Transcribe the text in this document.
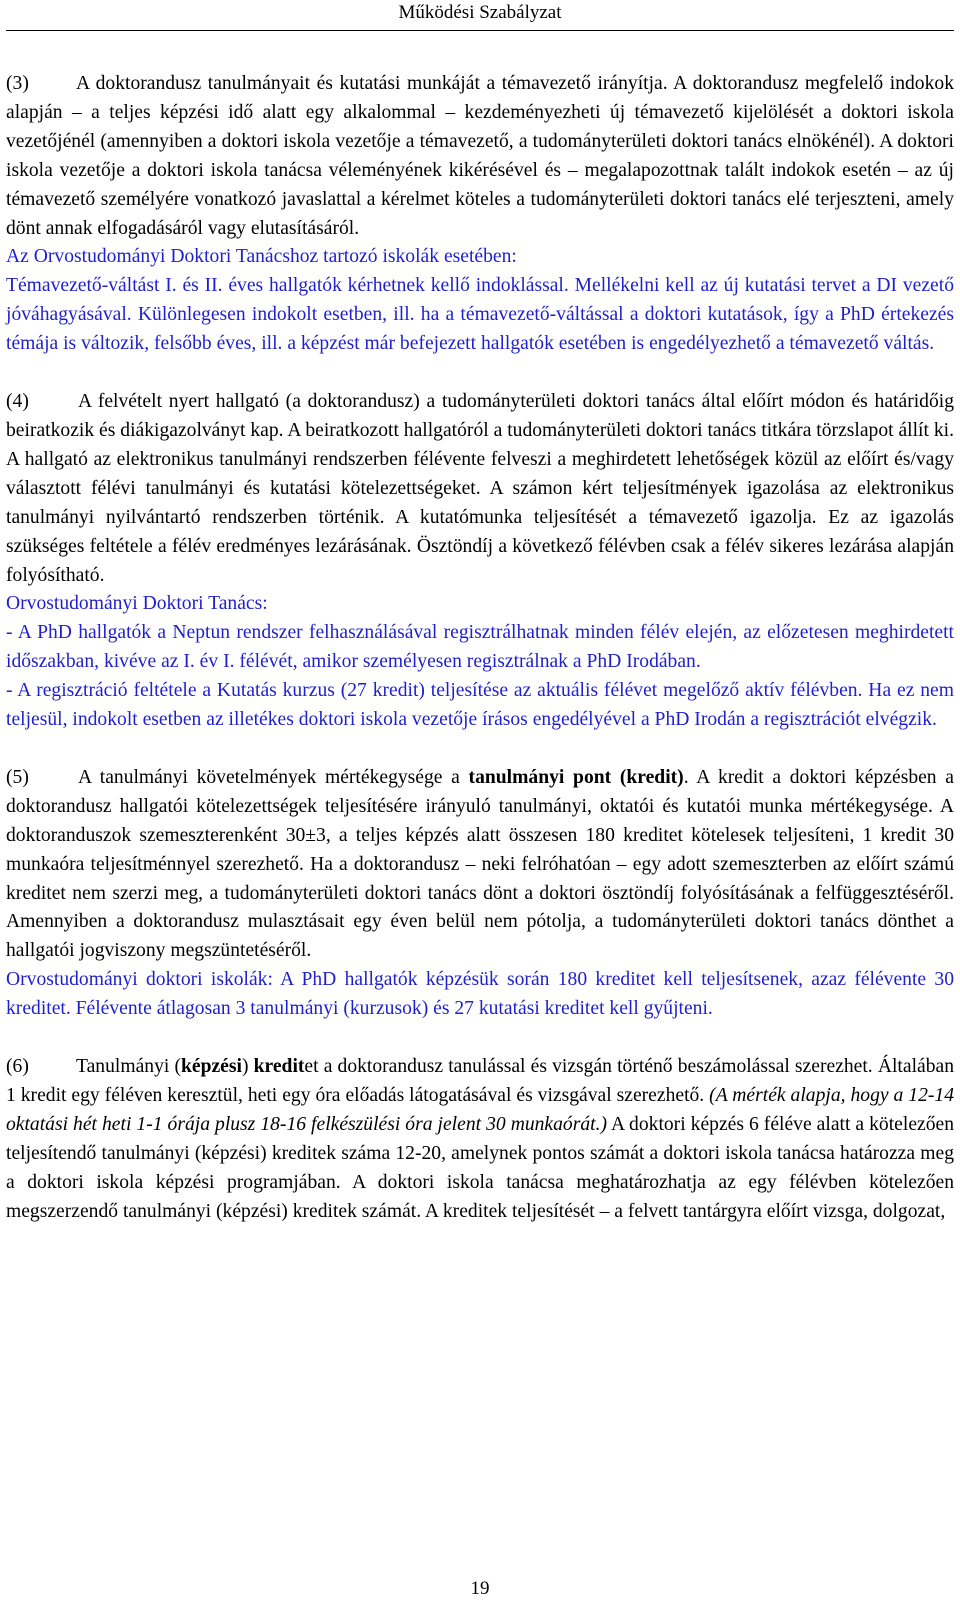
Működési Szabályzat

(3) A doktorandusz tanulmányait és kutatási munkáját a témavezető irányítja. A doktorandusz megfelelő indokok alapján – a teljes képzési idő alatt egy alkalommal – kezdeményezheti új témavezető kijelölését a doktori iskola vezetőjénél (amennyiben a doktori iskola vezetője a témavezető, a tudományterületi doktori tanács elnökénél). A doktori iskola vezetője a doktori iskola tanácsa véleményének kikérésével és – megalapozottnak talált indokok esetén – az új témavezető személyére vonatkozó javaslattal a kérelmet köteles a tudományterületi doktori tanács elé terjeszteni, amely dönt annak elfogadásáról vagy elutasításáról.

Az Orvostudományi Doktori Tanácshoz tartozó iskolák esetében:

Témavezető-váltást I. és II. éves hallgatók kérhetnek kellő indoklással. Mellékelni kell az új kutatási tervet a DI vezető jóváhagyásával. Különlegesen indokolt esetben, ill. ha a témavezető-váltással a doktori kutatások, így a PhD értekezés témája is változik, felsőbb éves, ill. a képzést már befejezett hallgatók esetében is engedélyezhető a témavezető váltás.

(4)	A felvételt nyert hallgató (a doktorandusz) a tudományterületi doktori tanács által előírt módon és határidőig beiratkozik és diákigazolványt kap. A beiratkozott hallgatóról a tudományterületi doktori tanács titkára törzslapot állít ki. A hallgató az elektronikus tanulmányi rendszerben félévente felveszi a meghirdetett lehetőségek közül az előírt és/vagy választott félévi tanulmányi és kutatási kötelezettségeket. A számon kért teljesítmények igazolása az elektronikus tanulmányi nyilvántartó rendszerben történik. A kutatómunka teljesítését a témavezető igazolja. Ez az igazolás szükséges feltétele a félév eredményes lezárásának. Ösztöndíj a következő félévben csak a félév sikeres lezárása alapján folyósítható.

Orvostudományi Doktori Tanács:

- A PhD hallgatók a Neptun rendszer felhasználásával regisztrálhatnak minden félév elején, az előzetesen meghirdetett időszakban, kivéve az I. év I. félévét, amikor személyesen regisztrálnak a PhD Irodában.

- A regisztráció feltétele a Kutatás kurzus (27 kredit) teljesítése az aktuális félévet megelőző aktív félévben. Ha ez nem teljesül, indokolt esetben az illetékes doktori iskola vezetője írásos engedélyével a PhD Irodán a regisztrációt elvégzik.

(5)	A tanulmányi követelmények mértékegysége a tanulmányi pont (kredit). A kredit a doktori képzésben a doktorandusz hallgatói kötelezettségek teljesítésére irányuló tanulmányi, oktatói és kutatói munka mértékegysége. A doktoranduszok szemeszterenként 30±3, a teljes képzés alatt összesen 180 kreditet kötelesek teljesíteni, 1 kredit 30 munkaóra teljesítménnyel szerezhető. Ha a doktorandusz – neki felróhatóan – egy adott szemeszterben az előírt számú kreditet nem szerzi meg, a tudományterületi doktori tanács dönt a doktori ösztöndíj folyósításának a felfüggesztéséről. Amennyiben a doktorandusz mulasztásait egy éven belül nem pótolja, a tudományterületi doktori tanács dönthet a hallgatói jogviszony megszüntetéséről.

Orvostudományi doktori iskolák: A PhD hallgatók képzésük során 180 kreditet kell teljesítsenek, azaz félévente 30 kreditet. Félévente átlagosan 3 tanulmányi (kurzusok) és 27 kutatási kreditet kell gyűjteni.

(6) Tanulmányi (képzési) kreditet a doktorandusz tanulással és vizsgán történő beszámolással szerezhet. Általában 1 kredit egy féléven keresztül, heti egy óra előadás látogatásával és vizsgával szerezhető. (A mérték alapja, hogy a 12-14 oktatási hét heti 1-1 órája plusz 18-16 felkészülési óra jelent 30 munkaórát.) A doktori képzés 6 féléve alatt a kötelezően teljesítendő tanulmányi (képzési) kreditek száma 12-20, amelynek pontos számát a doktori iskola tanácsa határozza meg a doktori iskola képzési programjában. A doktori iskola tanácsa meghatározhatja az egy félévben kötelezően megszerzendő tanulmányi (képzési) kreditek számát. A kreditek teljesítését – a felvett tantárgyra előírt vizsga, dolgozat,

19
